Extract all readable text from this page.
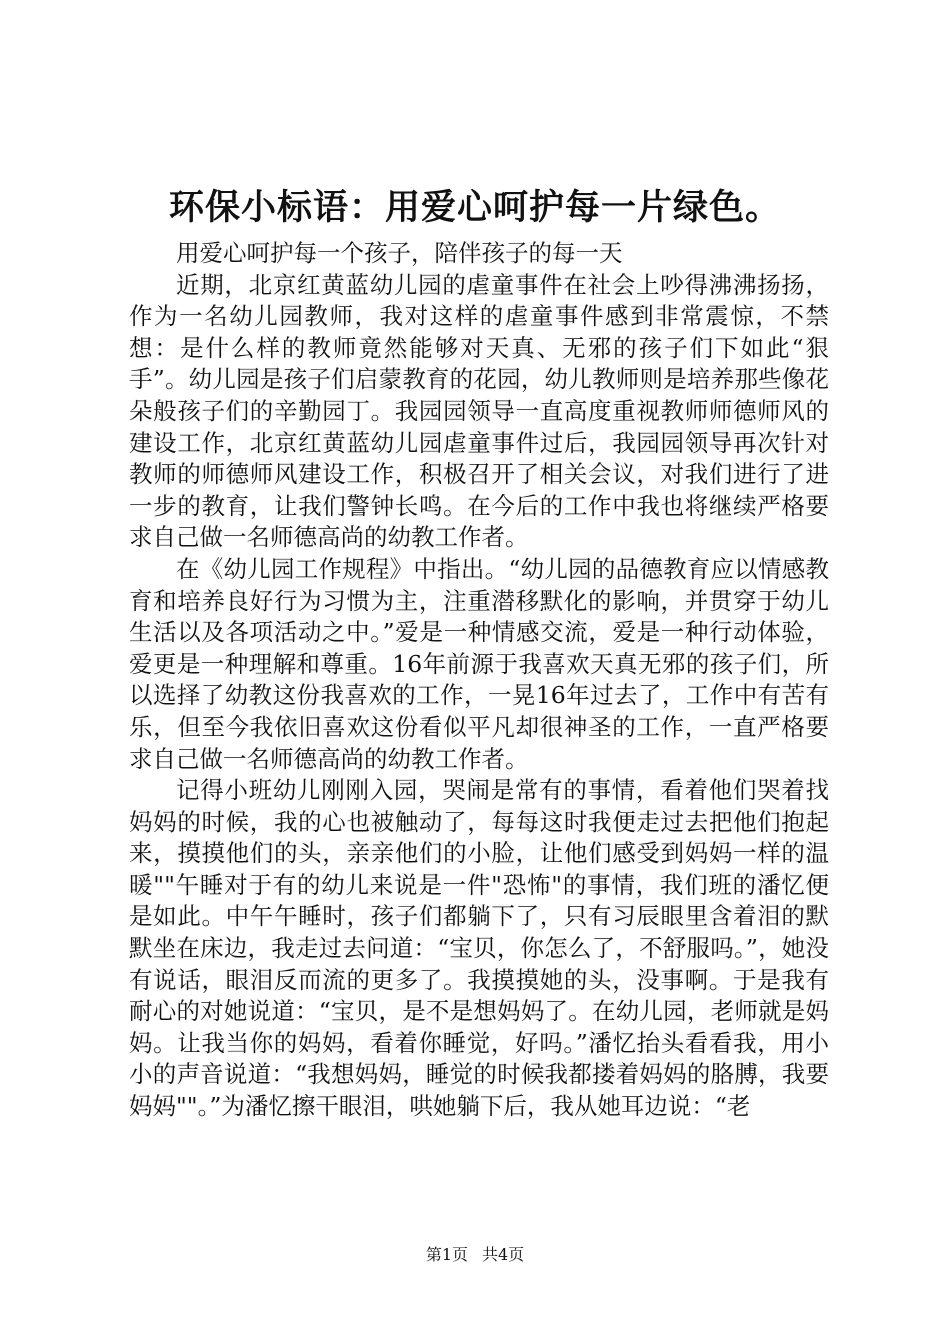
环保小标语：用爱心呵护每一片绿色。

用爱心呵护每一个孩子，陪伴孩子的每一天

近期，北京红黄蓝幼儿园的虐童事件在社会上吵得沸沸扬扬，作为一名幼儿园教师，我对这样的虐童事件感到非常震惊，不禁想：是什么样的教师竟然能够对天真、无邪的孩子们下如此“狠手”。幼儿园是孩子们启蒙教育的花园，幼儿教师则是培养那些像花朵般孩子们的辛勤园丁。我园园领导一直高度重视教师师德师风的建设工作，北京红黄蓝幼儿园虐童事件过后，我园园领导再次针对教师的师德师风建设工作，积极召开了相关会议，对我们进行了进一步的教育，让我们警钟长鸣。在今后的工作中我也将继续严格要求自己做一名师德高尚的幼教工作者。

在《幼儿园工作规程》中指出。“幼儿园的品德教育应以情感教育和培养良好行为习惯为主，注重潜移默化的影响，并贯穿于幼儿生活以及各项活动之中。”爱是一种情感交流，爱是一种行动体验，爱更是一种理解和尊重。16年前源于我喜欢天真无邪的孩子们，所以选择了幼教这份我喜欢的工作，一晃16年过去了，工作中有苦有乐，但至今我依旧喜欢这份看似平凡却很神圣的工作，一直严格要求自己做一名师德高尚的幼教工作者。

记得小班幼儿刚刚入园，哭闹是常有的事情，看着他们哭着找妈妈的时候，我的心也被触动了，每每这时我便走过去把他们抱起来，摸摸他们的头，亲亲他们的小脸，让他们感受到妈妈一样的温暖""午睡对于有的幼儿来说是一件"恐怖"的事情，我们班的潘忆便是如此。中午午睡时，孩子们都躺下了，只有习辰眼里含着泪的默默坐在床边，我走过去问道：“宝贝，你怎么了，不舒服吗。”，她没有说话，眼泪反而流的更多了。我摸摸她的头，没事啊。于是我有耐心的对她说道：“宝贝，是不是想妈妈了。在幼儿园，老师就是妈妈。让我当你的妈妈，看着你睡觉，好吗。”潘忆抬头看看我，用小小的声音说道：“我想妈妈，睡觉的时候我都搂着妈妈的胳膊，我要妈妈""。”为潘忆擦干眼泪，哄她躺下后，我从她耳边说：“老

第1页 共4页
